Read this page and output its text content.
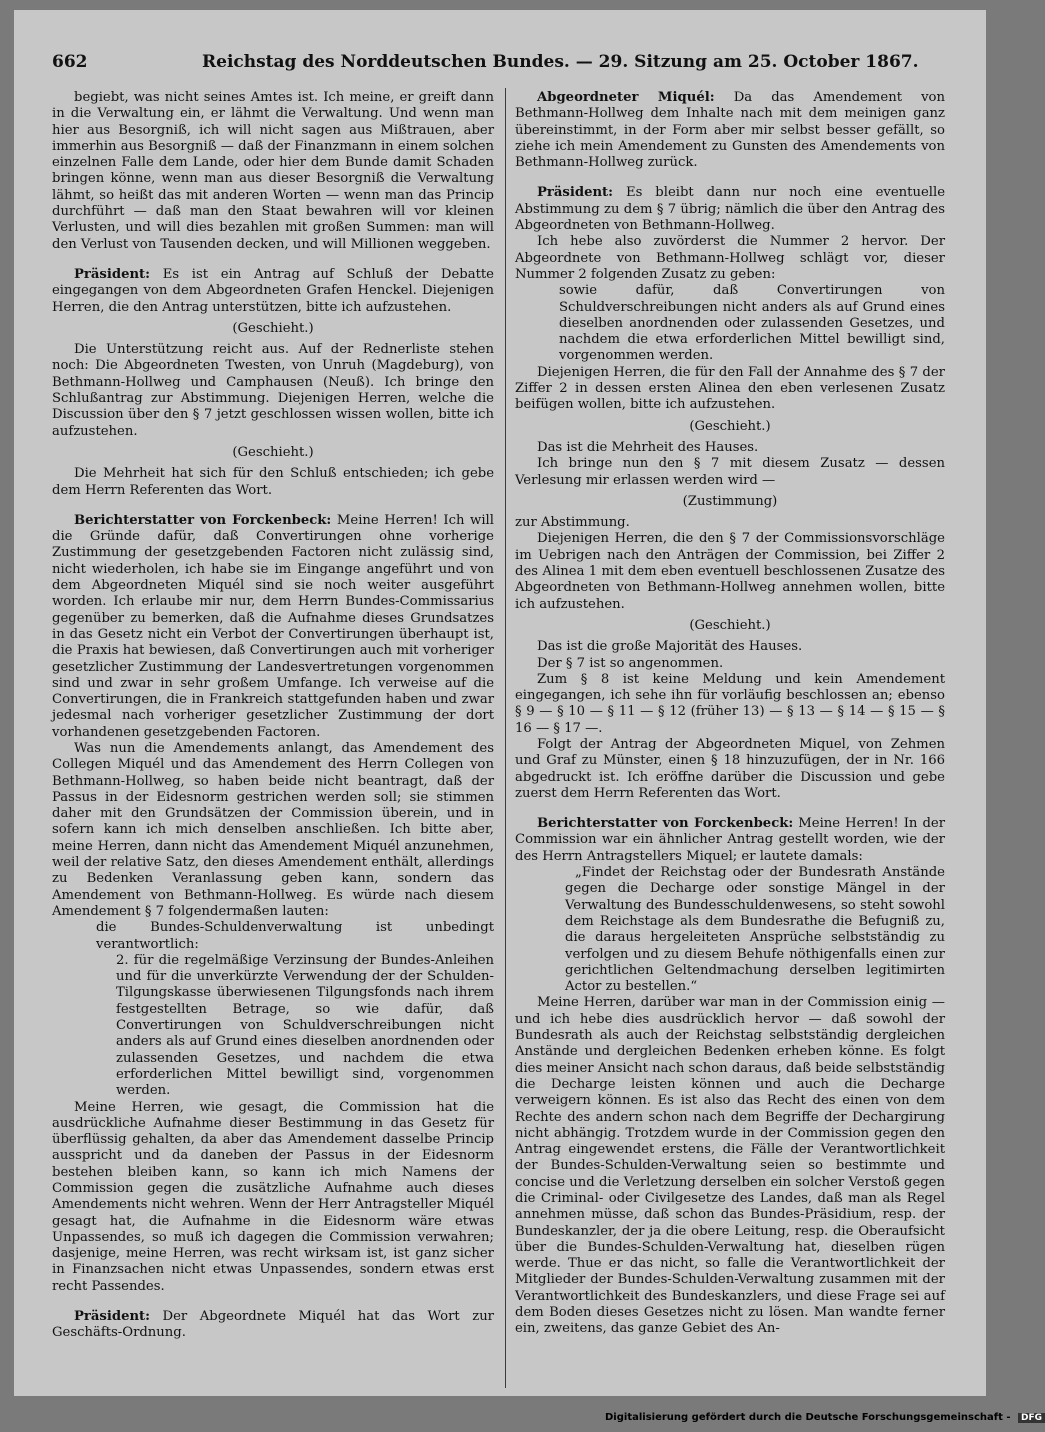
662	Reichstag des Norddeutschen Bundes. — 29. Sitzung am 25. October 1867.

begiebt, was nicht seines Amtes ist. Ich meine, er greift dann in die Verwaltung ein, er lähmt die Verwaltung. Und wenn man hier aus Besorgniß, ich will nicht sagen aus Mißtrauen, aber immerhin aus Besorgniß — daß der Finanzmann in einem solchen einzelnen Falle dem Lande, oder hier dem Bunde damit Schaden bringen könne, wenn man aus dieser Besorgniß die Verwaltung lähmt, so heißt das mit anderen Worten — wenn man das Princip durchführt — daß man den Staat bewahren will vor kleinen Verlusten, und will dies bezahlen mit großen Summen: man will den Verlust von Tausenden decken, und will Millionen weggeben.

Präsident: Es ist ein Antrag auf Schluß der Debatte eingegangen von dem Abgeordneten Grafen Henckel. Diejenigen Herren, die den Antrag unterstützen, bitte ich aufzustehen.

(Geschieht.)

Die Unterstützung reicht aus. Auf der Rednerliste stehen noch: Die Abgeordneten Twesten, von Unruh (Magdeburg), von Bethmann-Hollweg und Camphausen (Neuß). Ich bringe den Schlußantrag zur Abstimmung. Diejenigen Herren, welche die Discussion über den § 7 jetzt geschlossen wissen wollen, bitte ich aufzustehen.

(Geschieht.)

Die Mehrheit hat sich für den Schluß entschieden; ich gebe dem Herrn Referenten das Wort.

Berichterstatter von Forckenbeck: Meine Herren! Ich will die Gründe dafür, daß Convertirungen ohne vorherige Zustimmung der gesetzgebenden Factoren nicht zulässig sind, nicht wiederholen, ich habe sie im Eingange angeführt und von dem Abgeordneten Miquél sind sie noch weiter ausgeführt worden. Ich erlaube mir nur, dem Herrn Bundes-Commissarius gegenüber zu bemerken, daß die Aufnahme dieses Grundsatzes in das Gesetz nicht ein Verbot der Convertirungen überhaupt ist, die Praxis hat bewiesen, daß Convertirungen auch mit vorheriger gesetzlicher Zustimmung der Landesvertretungen vorgenommen sind und zwar in sehr großem Umfange. Ich verweise auf die Convertirungen, die in Frankreich stattgefunden haben und zwar jedesmal nach vorheriger gesetzlicher Zustimmung der dort vorhandenen gesetzgebenden Factoren.

Was nun die Amendements anlangt, das Amendement des Collegen Miquél und das Amendement des Herrn Collegen von Bethmann-Hollweg, so haben beide nicht beantragt, daß der Passus in der Eidesnorm gestrichen werden soll; sie stimmen daher mit den Grundsätzen der Commission überein, und in sofern kann ich mich denselben anschließen. Ich bitte aber, meine Herren, dann nicht das Amendement Miquél anzunehmen, weil der relative Satz, den dieses Amendement enthält, allerdings zu Bedenken Veranlassung geben kann, sondern das Amendement von Bethmann-Hollweg. Es würde nach diesem Amendement § 7 folgendermaßen lauten:

die Bundes-Schuldenverwaltung ist unbedingt verantwortlich:

2. für die regelmäßige Verzinsung der Bundes-Anleihen und für die unverkürzte Verwendung der der Schulden-Tilgungskasse überwiesenen Tilgungsfonds nach ihrem festgestellten Betrage, so wie dafür, daß Convertirungen von Schuldverschreibungen nicht anders als auf Grund eines dieselben anordnenden oder zulassenden Gesetzes, und nachdem die etwa erforderlichen Mittel bewilligt sind, vorgenommen werden.

Meine Herren, wie gesagt, die Commission hat die ausdrückliche Aufnahme dieser Bestimmung in das Gesetz für überflüssig gehalten, da aber das Amendement dasselbe Princip ausspricht und da daneben der Passus in der Eidesnorm bestehen bleiben kann, so kann ich mich Namens der Commission gegen die zusätzliche Aufnahme auch dieses Amendements nicht wehren. Wenn der Herr Antragsteller Miquél gesagt hat, die Aufnahme in die Eidesnorm wäre etwas Unpassendes, so muß ich dagegen die Commission verwahren; dasjenige, meine Herren, was recht wirksam ist, ist ganz sicher in Finanzsachen nicht etwas Unpassendes, sondern etwas erst recht Passendes.

Präsident: Der Abgeordnete Miquél hat das Wort zur Geschäfts-Ordnung.

Abgeordneter Miquél: Da das Amendement von Bethmann-Hollweg dem Inhalte nach mit dem meinigen ganz übereinstimmt, in der Form aber mir selbst besser gefällt, so ziehe ich mein Amendement zu Gunsten des Amendements von Bethmann-Hollweg zurück.

Präsident: Es bleibt dann nur noch eine eventuelle Abstimmung zu dem § 7 übrig; nämlich die über den Antrag des Abgeordneten von Bethmann-Hollweg.

Ich hebe also zuvörderst die Nummer 2 hervor. Der Abgeordnete von Bethmann-Hollweg schlägt vor, dieser Nummer 2 folgenden Zusatz zu geben:

sowie dafür, daß Convertirungen von Schuldverschreibungen nicht anders als auf Grund eines dieselben anordnenden oder zulassenden Gesetzes, und nachdem die etwa erforderlichen Mittel bewilligt sind, vorgenommen werden.

Diejenigen Herren, die für den Fall der Annahme des § 7 der Ziffer 2 in dessen ersten Alinea den eben verlesenen Zusatz beifügen wollen, bitte ich aufzustehen.

(Geschieht.)

Das ist die Mehrheit des Hauses.

Ich bringe nun den § 7 mit diesem Zusatz — dessen Verlesung mir erlassen werden wird —

(Zustimmung)

zur Abstimmung.

Diejenigen Herren, die den § 7 der Commissionsvorschläge im Uebrigen nach den Anträgen der Commission, bei Ziffer 2 des Alinea 1 mit dem eben eventuell beschlossenen Zusatze des Abgeordneten von Bethmann-Hollweg annehmen wollen, bitte ich aufzustehen.

(Geschieht.)

Das ist die große Majorität des Hauses.

Der § 7 ist so angenommen.

Zum § 8 ist keine Meldung und kein Amendement eingegangen, ich sehe ihn für vorläufig beschlossen an; ebenso § 9 — § 10 — § 11 — § 12 (früher 13) — § 13 — § 14 — § 15 — § 16 — § 17 —.

Folgt der Antrag der Abgeordneten Miquel, von Zehmen und Graf zu Münster, einen § 18 hinzuzufügen, der in Nr. 166 abgedruckt ist. Ich eröffne darüber die Discussion und gebe zuerst dem Herrn Referenten das Wort.

Berichterstatter von Forckenbeck: Meine Herren! In der Commission war ein ähnlicher Antrag gestellt worden, wie der des Herrn Antragstellers Miquel; er lautete damals:

„Findet der Reichstag oder der Bundesrath Anstände gegen die Decharge oder sonstige Mängel in der Verwaltung des Bundesschuldenwesens, so steht sowohl dem Reichstage als dem Bundesrathe die Befugniß zu, die daraus hergeleiteten Ansprüche selbstständig zu verfolgen und zu diesem Behufe nöthigenfalls einen zur gerichtlichen Geltendmachung derselben legitimirten Actor zu bestellen.“

Meine Herren, darüber war man in der Commission einig — und ich hebe dies ausdrücklich hervor — daß sowohl der Bundesrath als auch der Reichstag selbstständig dergleichen Anstände und dergleichen Bedenken erheben könne. Es folgt dies meiner Ansicht nach schon daraus, daß beide selbstständig die Decharge leisten können und auch die Decharge verweigern können. Es ist also das Recht des einen von dem Rechte des andern schon nach dem Begriffe der Dechargirung nicht abhängig. Trotzdem wurde in der Commission gegen den Antrag eingewendet erstens, die Fälle der Verantwortlichkeit der Bundes-Schulden-Verwaltung seien so bestimmte und concise und die Verletzung derselben ein solcher Verstoß gegen die Criminal- oder Civilgesetze des Landes, daß man als Regel annehmen müsse, daß schon das Bundes-Präsidium, resp. der Bundeskanzler, der ja die obere Leitung, resp. die Oberaufsicht über die Bundes-Schulden-Verwaltung hat, dieselben rügen werde. Thue er das nicht, so falle die Verantwortlichkeit der Mitglieder der Bundes-Schulden-Verwaltung zusammen mit der Verantwortlichkeit des Bundeskanzlers, und diese Frage sei auf dem Boden dieses Gesetzes nicht zu lösen. Man wandte ferner ein, zweitens, das ganze Gebiet des An-

Digitalisierung gefördert durch die Deutsche Forschungsgemeinschaft - DFG
